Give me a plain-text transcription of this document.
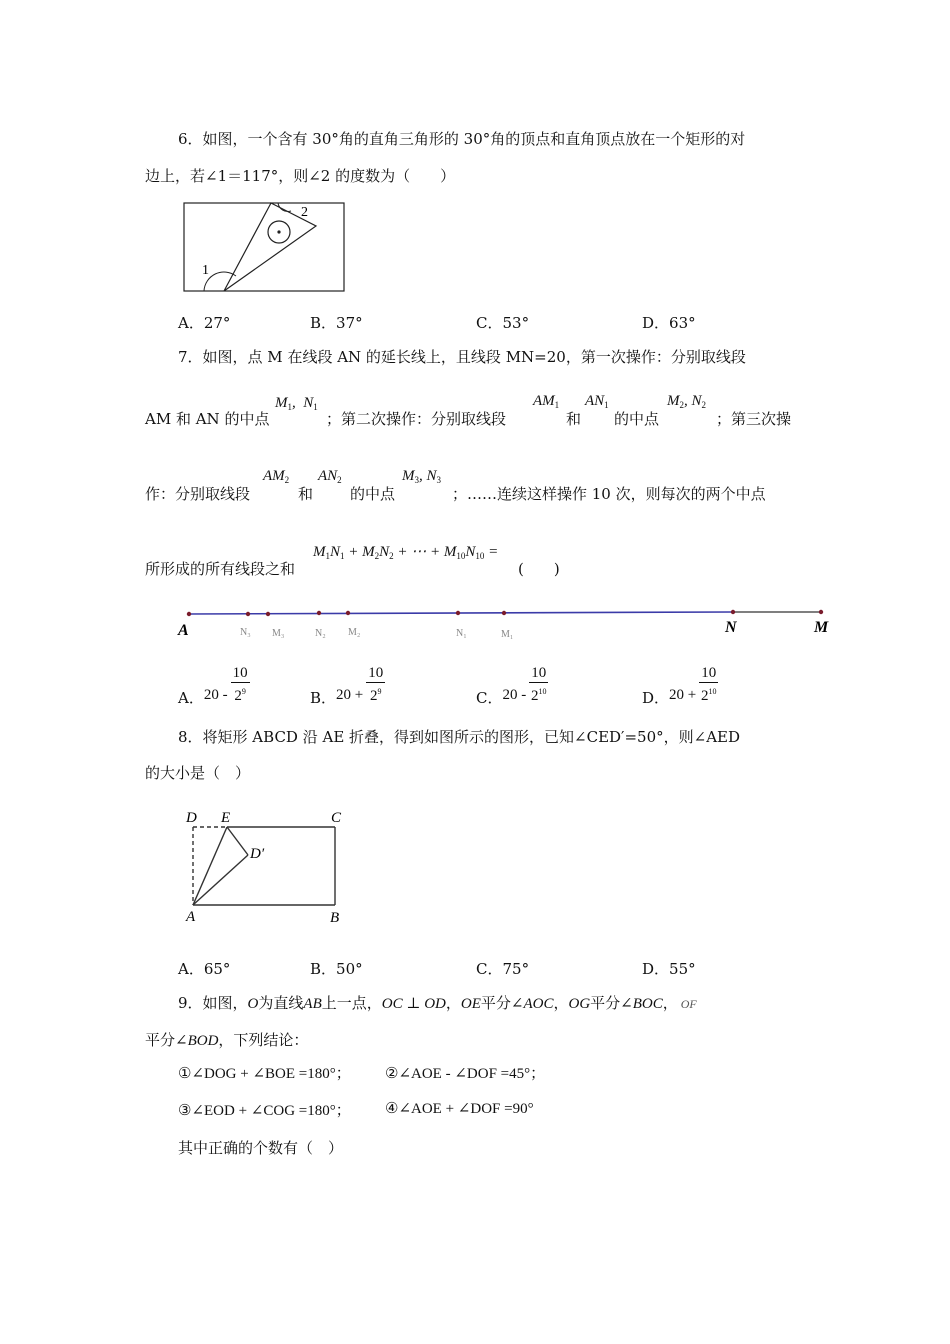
6．如图，一个含有 30°角的直角三角形的 30°角的顶点和直角顶点放在一个矩形的对
边上，若∠1＝117°，则∠2 的度数为（　　）
1
2
A．27°	B．37°	C．53°	D．63°
7．如图，点 M 在线段 AN 的延长线上，且线段 MN=20，第一次操作：分别取线段
AM 和 AN 的中点
$M_1$,  $N_1$
；第二次操作：分别取线段
$AM_1$
和
$AN_1$
的中点
$M_2$, $N_2$
；第三次操
作：分别取线段
$AM_2$
和
$AN_2$
的中点
$M_3$, $N_3$
；……连续这样操作 10 次，则每次的两个中点
所形成的所有线段之和
$M_1N_1 + M_2N_2$ + ⋯ + $M_{10}N_{10}$ =
(　　)
A	N₃ M₃	N₂ M₂	N₁	M₁	N	M
A．$20 - \frac{10}{2^9}$	B．$20 + \frac{10}{2^9}$	C．$20 - \frac{10}{2^{10}}$	D．$20 + \frac{10}{2^{10}}$
8．将矩形 ABCD 沿 AE 折叠，得到如图所示的图形，已知∠CED′=50°，则∠AED
的大小是（　）
D E	C
D′
A	B
A．65°	B．50°	C．75°	D．55°
9．如图，O为直线AB上一点，OC ⊥ OD，OE平分∠AOC，OG平分∠BOC， OF
平分∠BOD，下列结论：
①∠DOG + ∠BOE =180°； ②∠AOE - ∠DOF =45°；
③∠EOD + ∠COG =180°； ④∠AOE + ∠DOF =90°
其中正确的个数有（　）
